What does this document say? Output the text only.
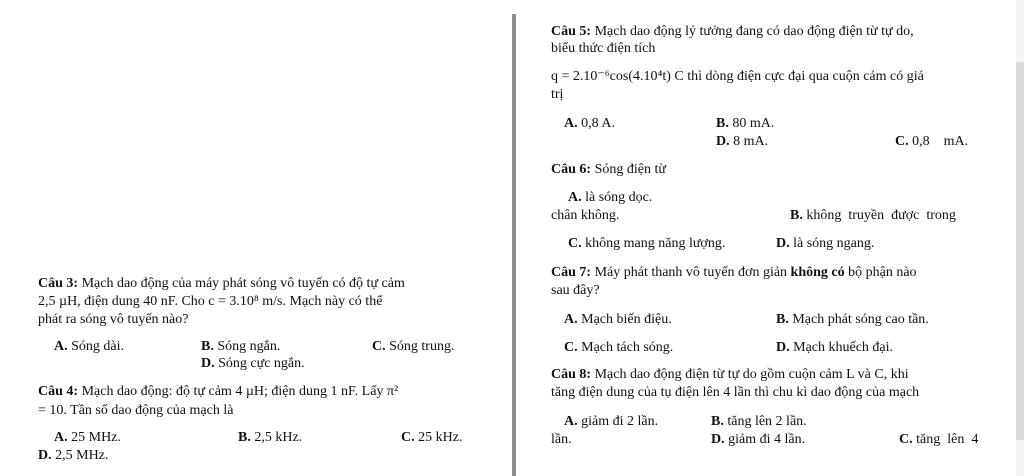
Câu 3: Mạch dao động của máy phát sóng vô tuyến có độ tự cảm
2,5 µH, điện dung 40 nF. Cho c = 3.10⁸ m/s. Mạch này có thể
phát ra sóng vô tuyến nào?
A. Sóng dài.	B. Sóng ngắn.	C. Sóng trung.
D. Sóng cực ngắn.
Câu 4: Mạch dao động: độ tự cảm 4 µH; điện dung 1 nF. Lấy π²
= 10. Tần số dao động của mạch là
A. 25 MHz.	B. 2,5 kHz.	C. 25 kHz.
D. 2,5 MHz.
Câu 5: Mạch dao động lý tưởng đang có dao động điện từ tự do,
biểu thức điện tích
q = 2.10⁻⁶cos(4.10⁴t) C thì dòng điện cực đại qua cuộn cảm có giá
trị
A. 0,8 A.	B. 80 mA.

C. 0,8    mA.

D. 8 mA.
Câu 6: Sóng điện từ
A. là sóng dọc.

B. không  truyền  được  trong

chân không.
C. không mang năng lượng.	D. là sóng ngang.
Câu 7: Máy phát thanh vô tuyến đơn giản không có bộ phận nào
sau đây?
A. Mạch biến điệu.	B. Mạch phát sóng cao tần.
C. Mạch tách sóng.	D. Mạch khuếch đại.
Câu 8: Mạch dao động điện từ tự do gồm cuộn cảm L và C, khi
tăng điện dung của tụ điện lên 4 lần thì chu kì dao động của mạch
A. giảm đi 2 lần.	B. tăng lên 2 lần.

C. tăng  lên  4

lần.	D. giảm đi 4 lần.
